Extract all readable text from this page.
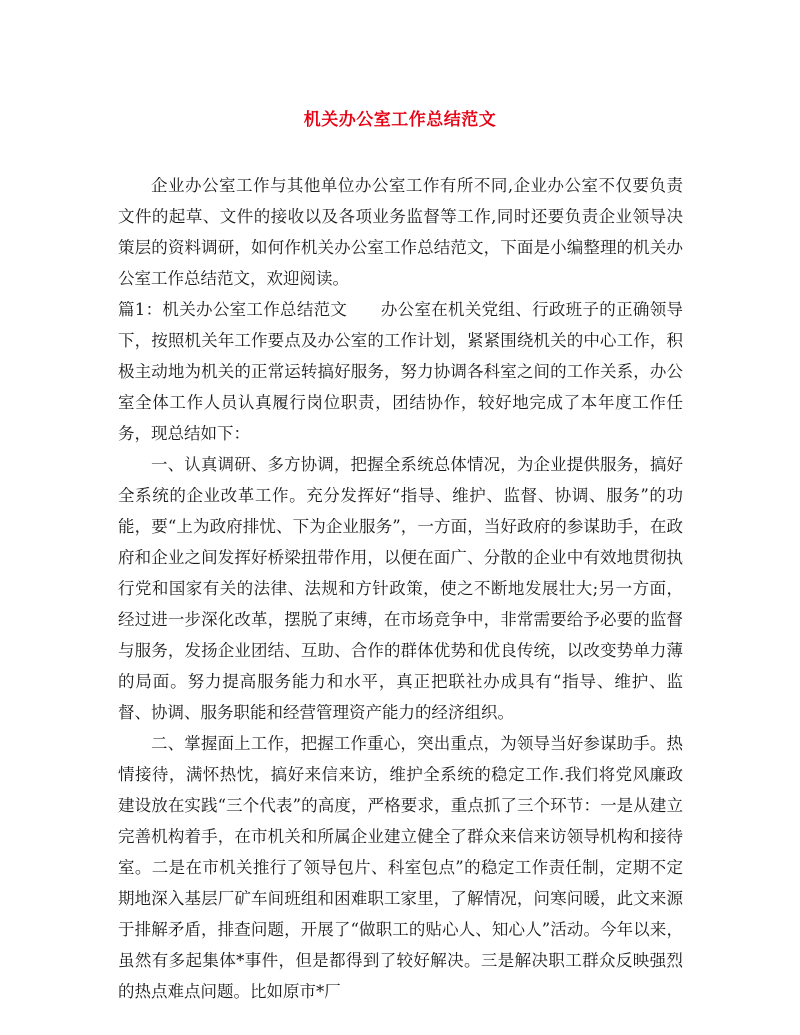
机关办公室工作总结范文

企业办公室工作与其他单位办公室工作有所不同,企业办公室不仅要负责文件的起草、文件的接收以及各项业务监督等工作,同时还要负责企业领导决策层的资料调研，如何作机关办公室工作总结范文，下面是小编整理的机关办公室工作总结范文，欢迎阅读。

篇1：机关办公室工作总结范文　　办公室在机关党组、行政班子的正确领导下，按照机关年工作要点及办公室的工作计划，紧紧围绕机关的中心工作，积极主动地为机关的正常运转搞好服务，努力协调各科室之间的工作关系，办公室全体工作人员认真履行岗位职责，团结协作，较好地完成了本年度工作任务，现总结如下：

一、认真调研、多方协调，把握全系统总体情况，为企业提供服务，搞好全系统的企业改革工作。充分发挥好“指导、维护、监督、协调、服务”的功能，要“上为政府排忧、下为企业服务”，一方面，当好政府的参谋助手，在政府和企业之间发挥好桥梁扭带作用，以便在面广、分散的企业中有效地贯彻执行党和国家有关的法律、法规和方针政策，使之不断地发展壮大;另一方面，经过进一步深化改革，摆脱了束缚，在市场竞争中，非常需要给予必要的监督与服务，发扬企业团结、互助、合作的群体优势和优良传统，以改变势单力薄的局面。努力提高服务能力和水平，真正把联社办成具有“指导、维护、监督、协调、服务职能和经营管理资产能力的经济组织。

二、掌握面上工作，把握工作重心，突出重点，为领导当好参谋助手。热情接待，满怀热忱，搞好来信来访，维护全系统的稳定工作.我们将党风廉政建设放在实践“三个代表”的高度，严格要求，重点抓了三个环节：一是从建立完善机构着手，在市机关和所属企业建立健全了群众来信来访领导机构和接待室。二是在市机关推行了领导包片、科室包点”的稳定工作责任制，定期不定期地深入基层厂矿车间班组和困难职工家里，了解情况，问寒问暖，此文来源于排解矛盾，排查问题，开展了“做职工的贴心人、知心人”活动。今年以来，虽然有多起集体*事件，但是都得到了较好解决。三是解决职工群众反映强烈的热点难点问题。比如原市*厂
